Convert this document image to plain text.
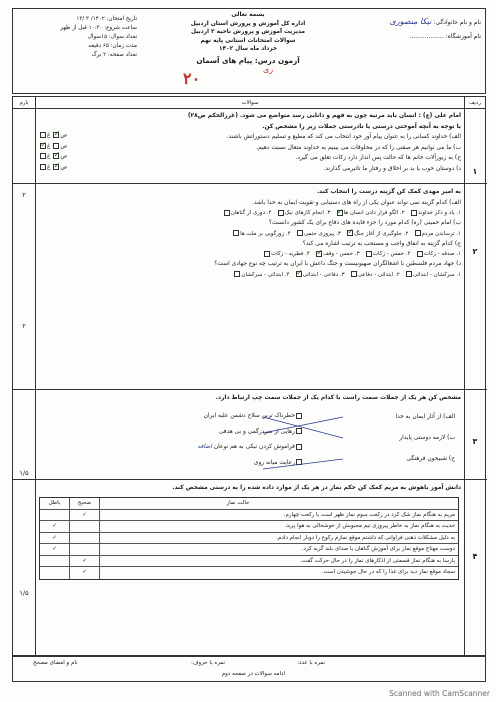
تاریخ امتحان: ۱۴۰۲/ ۳ /۱۳
ساعت شروع: ۱۰:۳۰ قبل از ظهر
تعداد سوال: ۱۵سوال
مدت زمان: ۶۵ دقیقه
تعداد صفحه: ۲ برگ
بسمه تعالی
اداره کل آموزش و پرورش استان اردبیل
مدیریت آموزش و پرورش ناحیه ۲ اردبیل
سوالات امتحانات استانی پایه نهم
خرداد ماه سال ۱۴۰۲
آزمون درس: پیام های آسمان
نام و نام خانوادگی: نیکا منصوری
نام آموزشگاه: ..................
۲۰	ری
ردیف
سوالات
بارم
۱
۲
امام علی (ع) : انسان باید مرتبه چون به فهم و دانایی رسد متواضع می شود. (غررالحکم ص۲۸)
با توجه به آنچه آموختی درستی یا نادرستی جملات زیر را مشخص کن.
الف) خداوند کسانی را به عنوان پیام آور خود انتخاب می کند که مطیع و تسلیم دستوراتش باشند.
ب) ما می توانیم هر صفتی را که در مخلوقات می بینیم به خداوند متعال نسبت دهیم.
ج) به زیورآلات خانم ها که حالت پس انداز دارد زکات تعلق می گیرد.
د) دوستان خوب یا بد بر اخلاق و رفتار ما تاثیرمی گذارند.
ص✓ غ
ص غ✓
ص✓ غ
ص✓ غ
۲
۲
به امیر مهدی کمک کن گزینه درست را انتخاب کند.
الف) کدام گزینه نمی تواند عنوان یکی از راه های دستیابی و تقویت ایمان به خدا باشد.
۱. یاد و ذکر خداوند   ۲. الگو قرار دادن انسان ها✓   ۳. انجام کارهای نیک   ۴. دوری از گناهان
ب) امام خمینی (ره) کدام مورد را جزء فایده های دفاع برای یک کشور دانست؟
۱. ترساندن مردم   ۲. جلوگیری از آغاز جنگ✓   ۳. پیروزی حتمی   ۴. زورگویی بر ملت ها
ج) کدام گزینه به انفاق واجب و مستحب به ترتیب اشاره می کند؟
۱. صدقه - زکات   ۲. خمس - زکات   ۳. خمس - وقف✓   ۴. فطریه - زکات
د) جهاد مردم فلسطین با اشغالگران صهیونیست و جنگ داعش با ایران به ترتیب چه نوع جهادی است؟
۱. سرکشان - ابتدائی   ۲. ابتدائی - دفاعی   ۳. دفاعی - ابتدائی✓   ۴. ابتدائی - سرکشان
۳
۱/۵
مشخص کن هر یک از جملات سمت راست با کدام یک از جملات سمت چپ ارتباط دارد.
الف) از آثار ایمان به خدا
ب) لازمه دوستی پایدار
ج) شبیخون فرهنگی
خطرناک ترین سلاح دشمن علیه ایران
رهایی از سردرگمی و بی هدفی
فراموش کردن نیکی به هم نوعان اضافه
رعایت میانه روی
۴
۱/۵
دانش آموز باهوش به مریم کمک کن حکم نماز در هر یک از موارد داده شده را به درستی مشخص کند.
حالت نماز
صحیح
باطل
مریم به هنگام نماز شک کرد در رکعت سوم نماز ظهر است یا رکعت چهارم.
✓
حدیث به هنگام نماز به خاطر پیروزی تیم محبوبش از خوشحالی به هوا پرید.
✓
به دلیل مشکلات ذهنی فراوانی که داشتم موقع نمازم رکوع را دوبار انجام دادم.
✓
دوست مهتاج موقع نماز برای آموزش گناهان با صدای بلند گریه کرد.
✓
پارسا به هنگام نماز قسمتی از اذکارهای نماز را در حال حرکت گفت.
✓
سجاد موقع نماز دید برای غذا را که در حال جوشیدن است.
✓
نمره با عدد:
نمره با حروف:
نام و امضای مصحح
ادامه سوالات در صفحه دوم
Scanned with CamScanner
